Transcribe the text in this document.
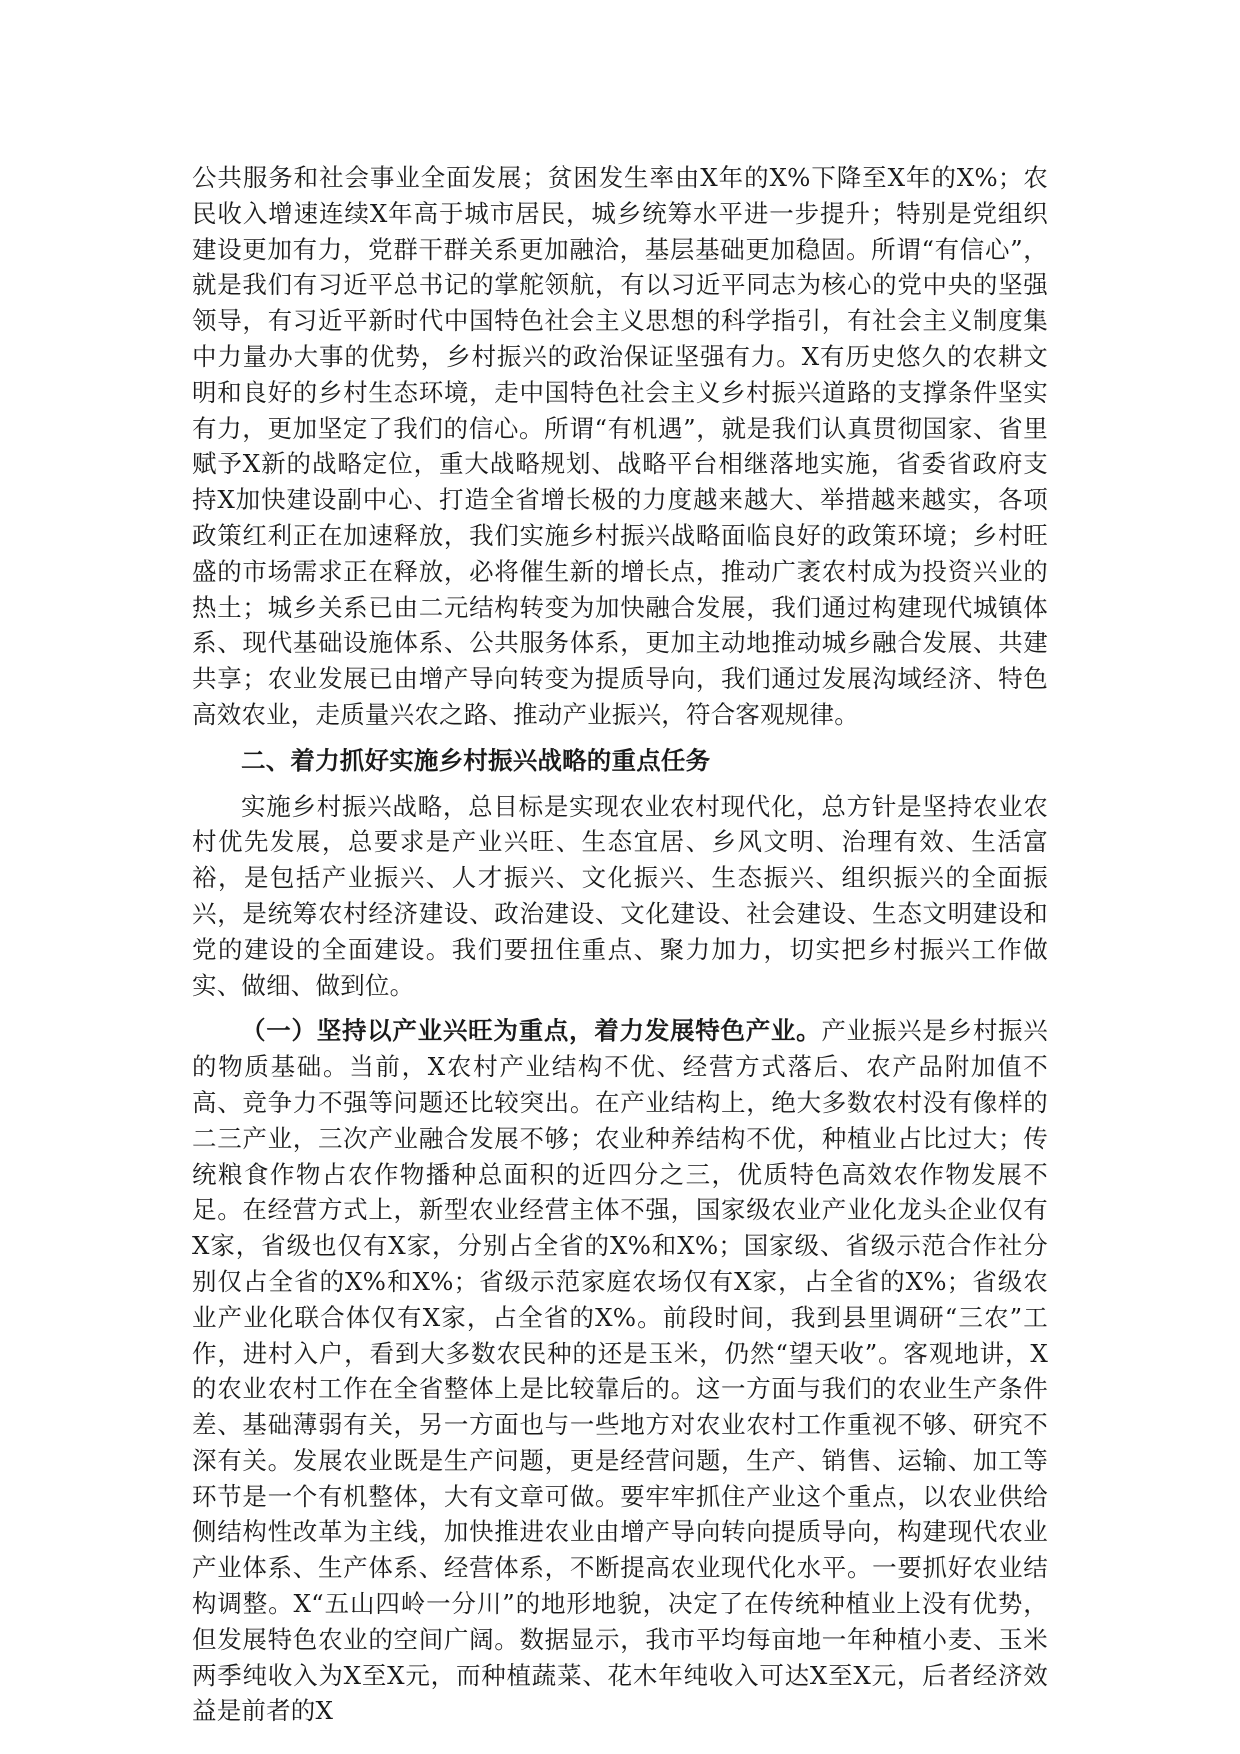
公共服务和社会事业全面发展；贫困发生率由X年的X%下降至X年的X%；农民收入增速连续X年高于城市居民，城乡统筹水平进一步提升；特别是党组织建设更加有力，党群干群关系更加融洽，基层基础更加稳固。所谓“有信心”，就是我们有习近平总书记的掌舵领航，有以习近平同志为核心的党中央的坚强领导，有习近平新时代中国特色社会主义思想的科学指引，有社会主义制度集中力量办大事的优势，乡村振兴的政治保证坚强有力。X有历史悠久的农耕文明和良好的乡村生态环境，走中国特色社会主义乡村振兴道路的支撑条件坚实有力，更加坚定了我们的信心。所谓“有机遇”，就是我们认真贯彻国家、省里赋予X新的战略定位，重大战略规划、战略平台相继落地实施，省委省政府支持X加快建设副中心、打造全省增长极的力度越来越大、举措越来越实，各项政策红利正在加速释放，我们实施乡村振兴战略面临良好的政策环境；乡村旺盛的市场需求正在释放，必将催生新的增长点，推动广袤农村成为投资兴业的热土；城乡关系已由二元结构转变为加快融合发展，我们通过构建现代城镇体系、现代基础设施体系、公共服务体系，更加主动地推动城乡融合发展、共建共享；农业发展已由增产导向转变为提质导向，我们通过发展沟域经济、特色高效农业，走质量兴农之路、推动产业振兴，符合客观规律。

二、着力抓好实施乡村振兴战略的重点任务

实施乡村振兴战略，总目标是实现农业农村现代化，总方针是坚持农业农村优先发展，总要求是产业兴旺、生态宜居、乡风文明、治理有效、生活富裕，是包括产业振兴、人才振兴、文化振兴、生态振兴、组织振兴的全面振兴，是统筹农村经济建设、政治建设、文化建设、社会建设、生态文明建设和党的建设的全面建设。我们要扭住重点、聚力加力，切实把乡村振兴工作做实、做细、做到位。

（一）坚持以产业兴旺为重点，着力发展特色产业。产业振兴是乡村振兴的物质基础。当前，X农村产业结构不优、经营方式落后、农产品附加值不高、竞争力不强等问题还比较突出。在产业结构上，绝大多数农村没有像样的二三产业，三次产业融合发展不够；农业种养结构不优，种植业占比过大；传统粮食作物占农作物播种总面积的近四分之三，优质特色高效农作物发展不足。在经营方式上，新型农业经营主体不强，国家级农业产业化龙头企业仅有X家，省级也仅有X家，分别占全省的X%和X%；国家级、省级示范合作社分别仅占全省的X%和X%；省级示范家庭农场仅有X家，占全省的X%；省级农业产业化联合体仅有X家，占全省的X%。前段时间，我到县里调研“三农”工作，进村入户，看到大多数农民种的还是玉米，仍然“望天收”。客观地讲，X的农业农村工作在全省整体上是比较靠后的。这一方面与我们的农业生产条件差、基础薄弱有关，另一方面也与一些地方对农业农村工作重视不够、研究不深有关。发展农业既是生产问题，更是经营问题，生产、销售、运输、加工等环节是一个有机整体，大有文章可做。要牢牢抓住产业这个重点，以农业供给侧结构性改革为主线，加快推进农业由增产导向转向提质导向，构建现代农业产业体系、生产体系、经营体系，不断提高农业现代化水平。一要抓好农业结构调整。X“五山四岭一分川”的地形地貌，决定了在传统种植业上没有优势，但发展特色农业的空间广阔。数据显示，我市平均每亩地一年种植小麦、玉米两季纯收入为X至X元，而种植蔬菜、花木年纯收入可达X至X元，后者经济效益是前者的X
